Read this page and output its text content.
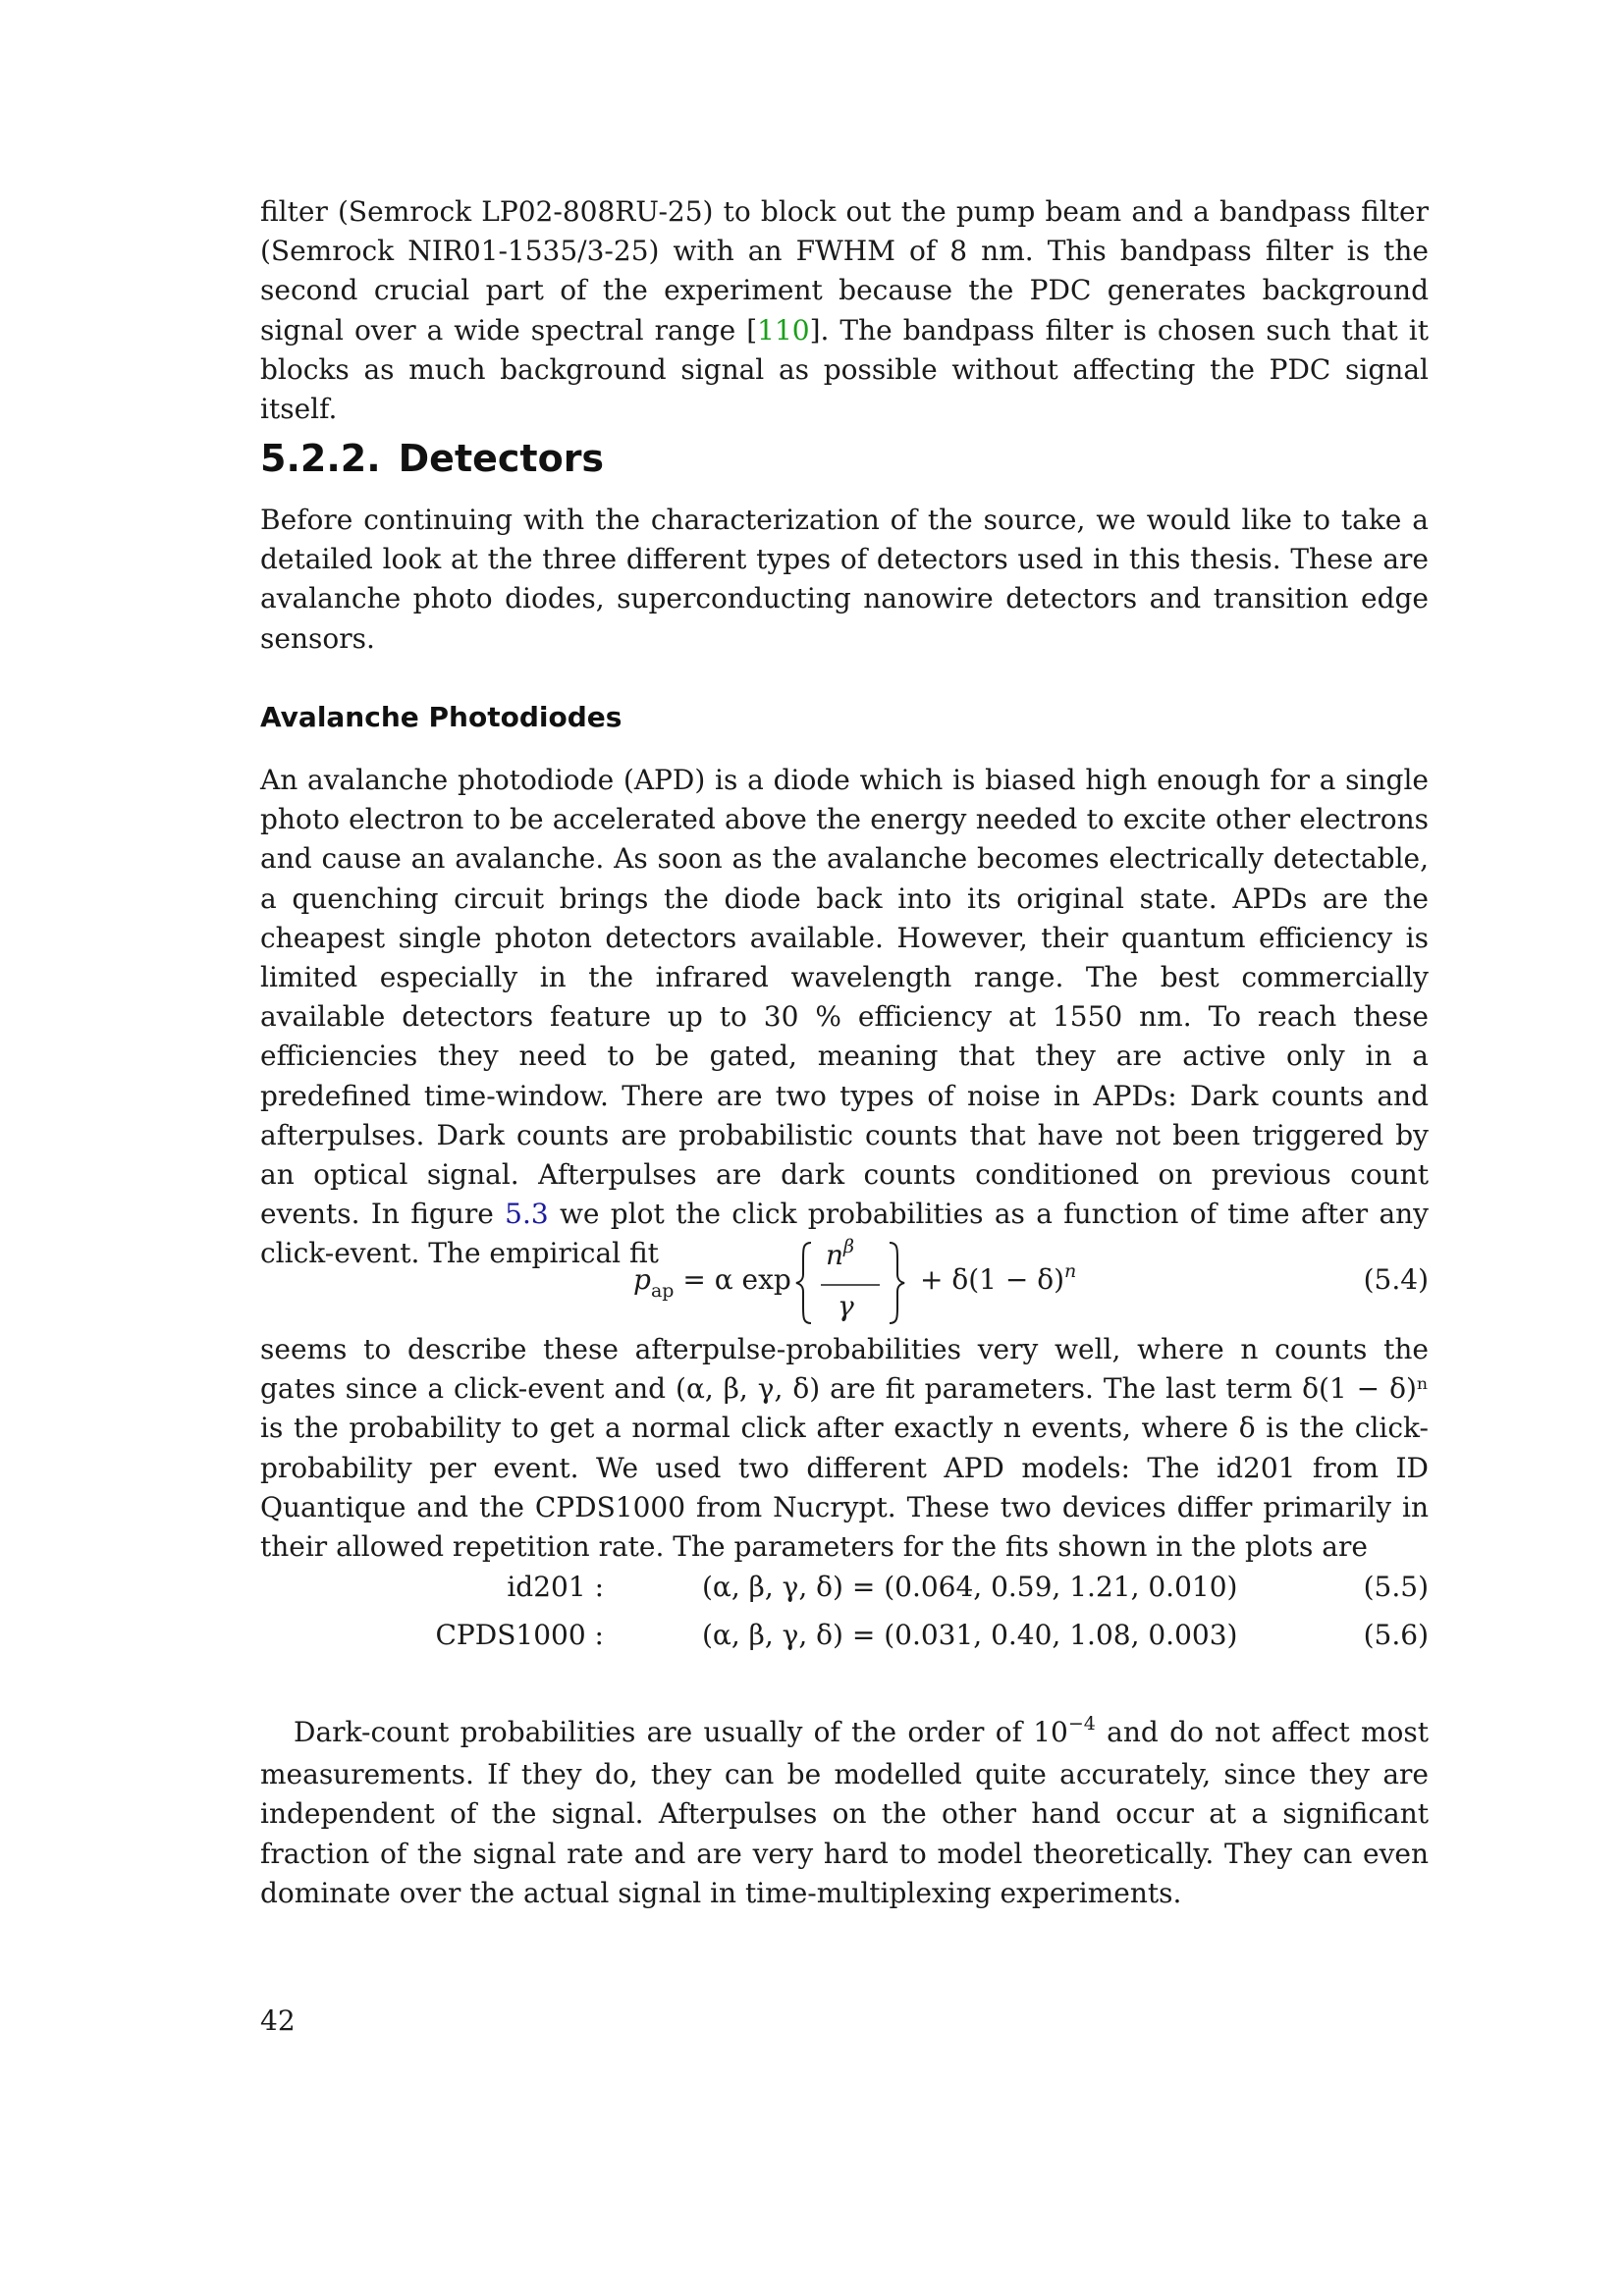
filter (Semrock LP02-808RU-25) to block out the pump beam and a bandpass filter (Semrock NIR01-1535/3-25) with an FWHM of 8 nm. This bandpass filter is the second crucial part of the experiment because the PDC generates background signal over a wide spectral range [110]. The bandpass filter is chosen such that it blocks as much background signal as possible without affecting the PDC signal itself.

5.2.2. Detectors

Before continuing with the characterization of the source, we would like to take a detailed look at the three different types of detectors used in this thesis. These are avalanche photo diodes, superconducting nanowire detectors and transition edge sensors.

Avalanche Photodiodes

An avalanche photodiode (APD) is a diode which is biased high enough for a single photo electron to be accelerated above the energy needed to excite other electrons and cause an avalanche. As soon as the avalanche becomes electrically detectable, a quenching circuit brings the diode back into its original state. APDs are the cheapest single photon detectors available. However, their quantum efficiency is limited especially in the infrared wavelength range. The best commercially available detectors feature up to 30 % efficiency at 1550 nm. To reach these efficiencies they need to be gated, meaning that they are active only in a predefined time-window. There are two types of noise in APDs: Dark counts and afterpulses. Dark counts are probabilistic counts that have not been triggered by an optical signal. Afterpulses are dark counts conditioned on previous count events. In figure 5.3 we plot the click probabilities as a function of time after any click-event. The empirical fit

$p_{ap} = \alpha$ exp
$n^\beta$
γ
+ $\delta(1 - \delta)^n$	(5.4)

seems to describe these afterpulse-probabilities very well, where n counts the gates since a click-event and (α, β, γ, δ) are fit parameters. The last term δ(1 − δ)ⁿ is the probability to get a normal click after exactly n events, where δ is the click-probability per event. We used two different APD models: The id201 from ID Quantique and the CPDS1000 from Nucrypt. These two devices differ primarily in their allowed repetition rate. The parameters for the fits shown in the plots are

id201 :	(α, β, γ, δ) = (0.064, 0.59, 1.21, 0.010)	(5.5)
CPDS1000 :	(α, β, γ, δ) = (0.031, 0.40, 1.08, 0.003)	(5.6)

Dark-count probabilities are usually of the order of $10^{-4}$ and do not affect most measurements. If they do, they can be modelled quite accurately, since they are independent of the signal. Afterpulses on the other hand occur at a significant fraction of the signal rate and are very hard to model theoretically. They can even dominate over the actual signal in time-multiplexing experiments.

42
